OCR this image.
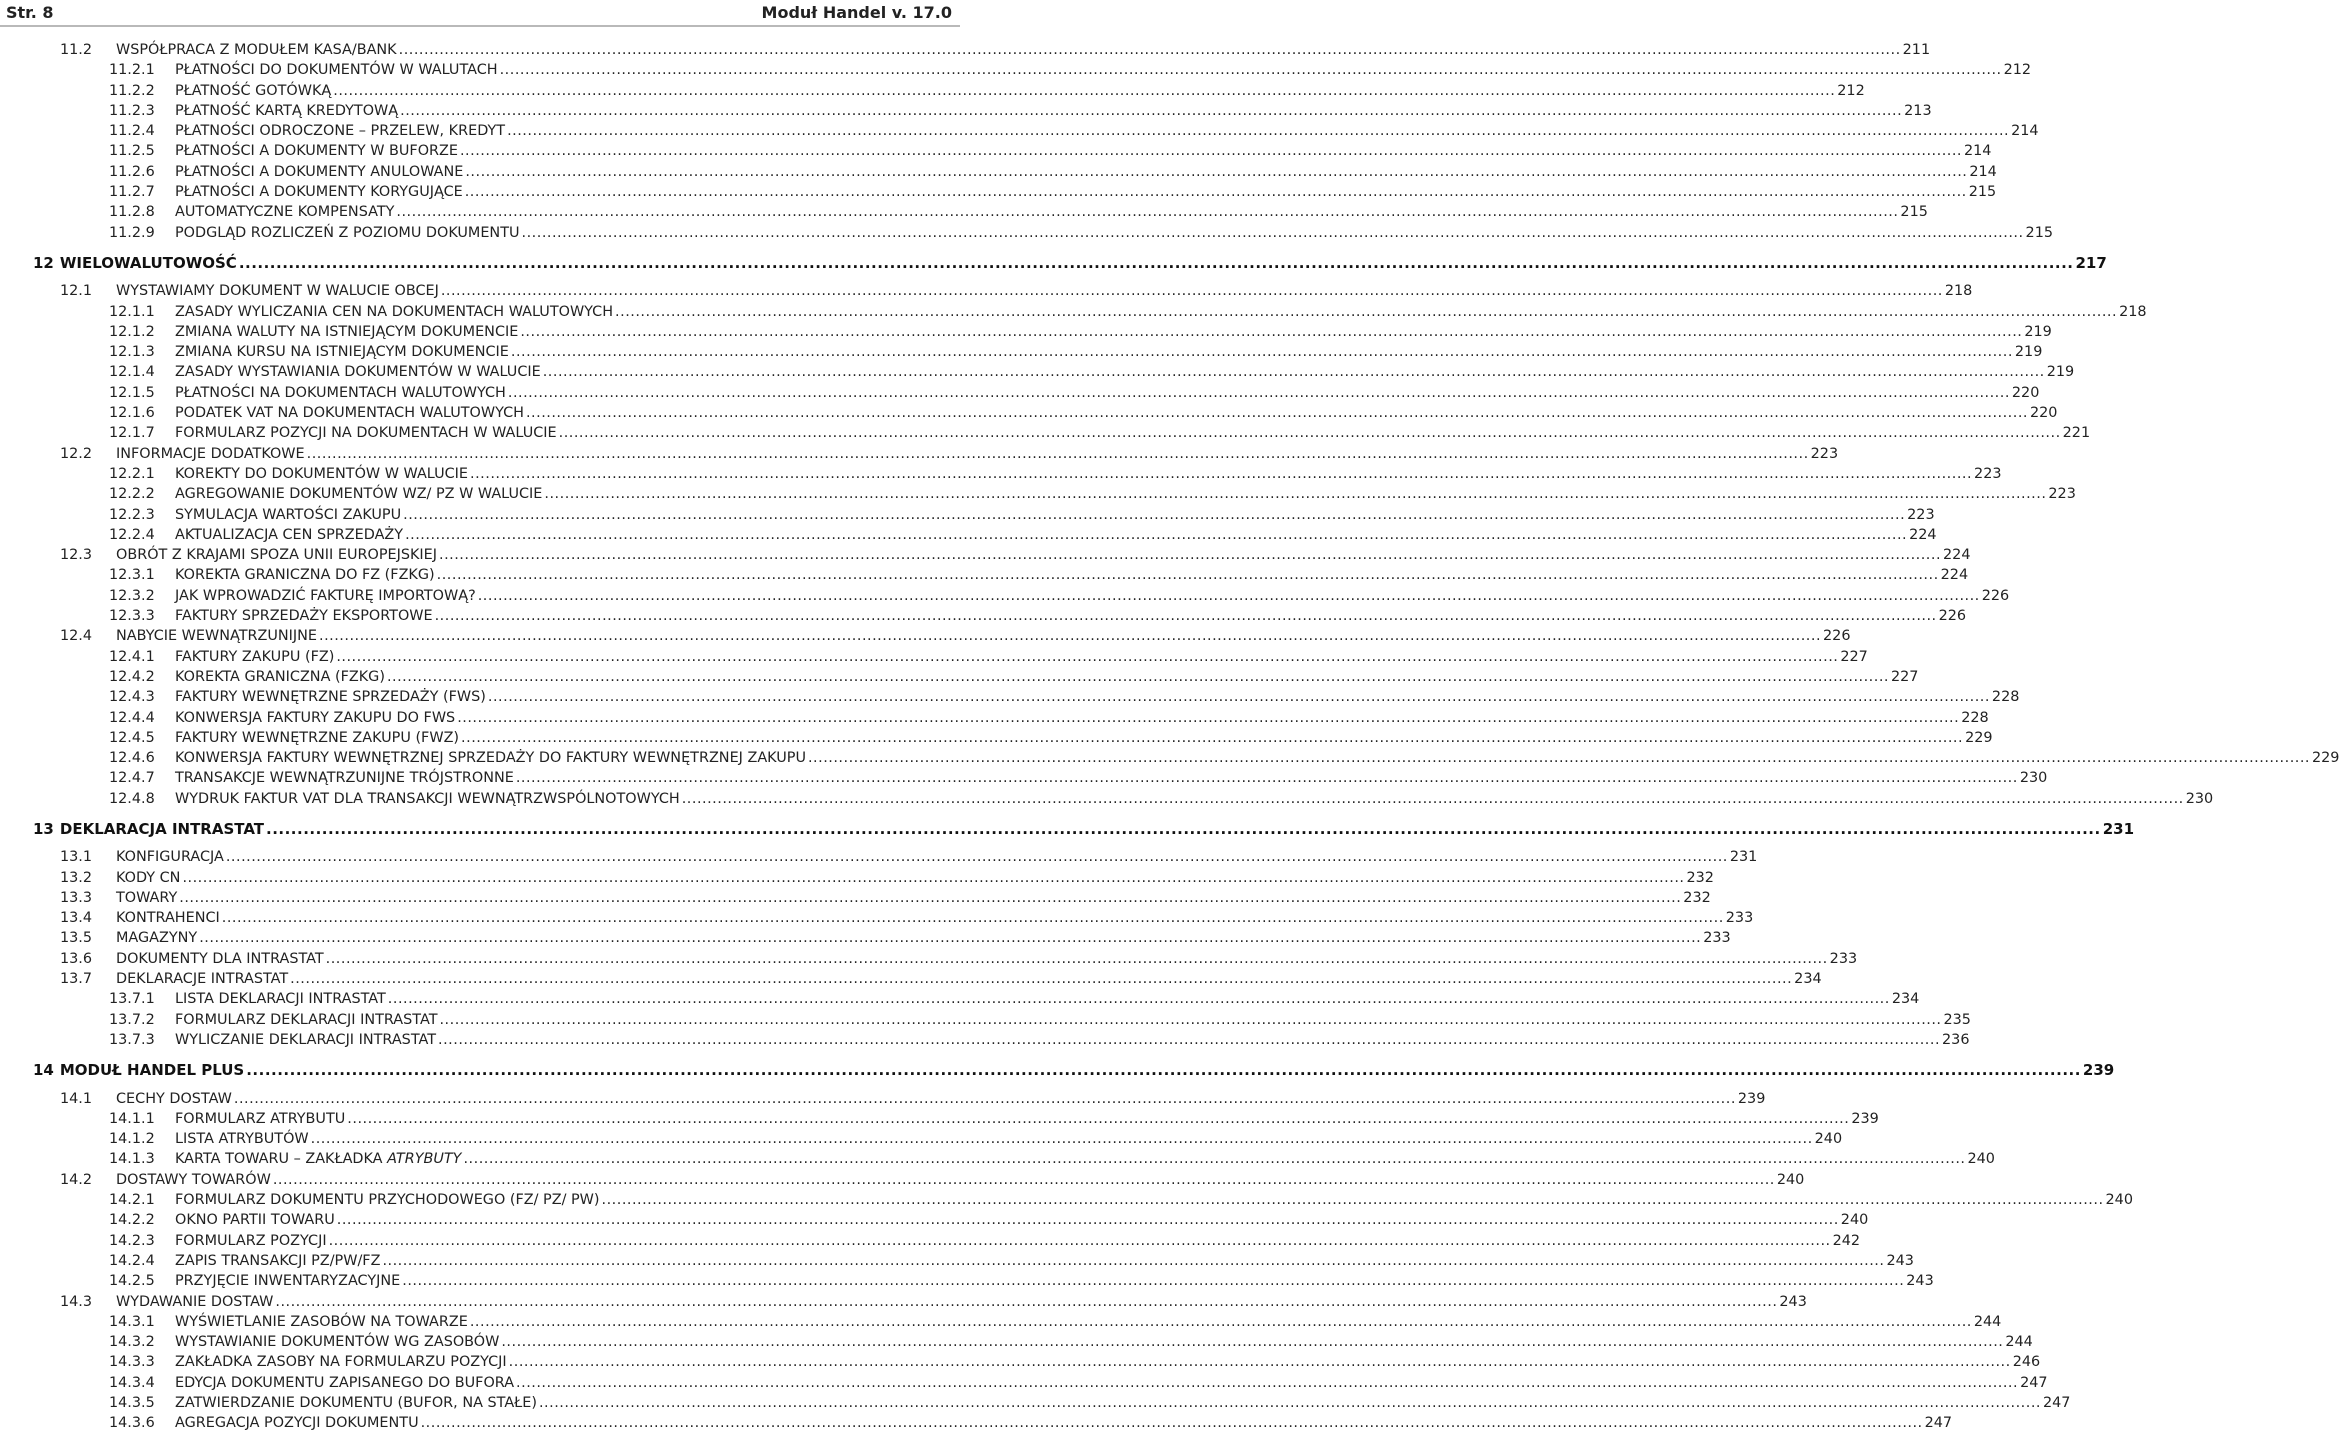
Str. 8	Moduł Handel v. 17.0
11.2	WSPÓŁPRACA Z MODUŁEM KASA/BANK .....	211
11.2.1	PŁATNOŚCI DO DOKUMENTÓW W WALUTACH .....	212
11.2.2	PŁATNOŚĆ GOTÓWKĄ .....	212
11.2.3	PŁATNOŚĆ KARTĄ KREDYTOWĄ .....	213
11.2.4	PŁATNOŚCI ODROCZONE – PRZELEW, KREDYT .....	214
11.2.5	PŁATNOŚCI A DOKUMENTY W BUFORZE .....	214
11.2.6	PŁATNOŚCI A DOKUMENTY ANULOWANE .....	214
11.2.7	PŁATNOŚCI A DOKUMENTY KORYGUJĄCE .....	215
11.2.8	AUTOMATYCZNE KOMPENSATY .....	215
11.2.9	PODGLĄD ROZLICZEŃ Z POZIOMU DOKUMENTU .....	215
12 WIELOWALUTOWOŚĆ .....	217
12.1	WYSTAWIAMY DOKUMENT W WALUCIE OBCEJ .....	218
12.1.1	ZASADY WYLICZANIA CEN NA DOKUMENTACH WALUTOWYCH .....	218
12.1.2	ZMIANA WALUTY NA ISTNIEJĄCYM DOKUMENCIE .....	219
12.1.3	ZMIANA KURSU NA ISTNIEJĄCYM DOKUMENCIE .....	219
12.1.4	ZASADY WYSTAWIANIA DOKUMENTÓW W WALUCIE .....	219
12.1.5	PŁATNOŚCI NA DOKUMENTACH WALUTOWYCH .....	220
12.1.6	PODATEK VAT NA DOKUMENTACH WALUTOWYCH .....	220
12.1.7	FORMULARZ POZYCJI NA DOKUMENTACH W WALUCIE .....	221
12.2	INFORMACJE DODATKOWE .....	223
12.2.1	KOREKTY DO DOKUMENTÓW W WALUCIE .....	223
12.2.2	AGREGOWANIE DOKUMENTÓW WZ/ PZ W WALUCIE .....	223
12.2.3	SYMULACJA WARTOŚCI ZAKUPU .....	223
12.2.4	AKTUALIZACJA CEN SPRZEDAŻY .....	224
12.3	OBRÓT Z KRAJAMI SPOZA UNII EUROPEJSKIEJ .....	224
12.3.1	KOREKTA GRANICZNA DO FZ (FZKG) .....	224
12.3.2	JAK WPROWADZIĆ FAKTURĘ IMPORTOWĄ? .....	226
12.3.3	FAKTURY SPRZEDAŻY EKSPORTOWE .....	226
12.4	NABYCIE WEWNĄTRZUNIJNE .....	226
12.4.1	FAKTURY ZAKUPU (FZ) .....	227
12.4.2	KOREKTA GRANICZNA (FZKG) .....	227
12.4.3	FAKTURY WEWNĘTRZNE SPRZEDAŻY (FWS) .....	228
12.4.4	KONWERSJA FAKTURY ZAKUPU DO FWS .....	228
12.4.5	FAKTURY WEWNĘTRZNE ZAKUPU (FWZ) .....	229
12.4.6	KONWERSJA FAKTURY WEWNĘTRZNEJ SPRZEDAŻY DO FAKTURY WEWNĘTRZNEJ ZAKUPU .....	229
12.4.7	TRANSAKCJE WEWNĄTRZUNIJNE TRÓJSTRONNE .....	230
12.4.8	WYDRUK FAKTUR VAT DLA TRANSAKCJI WEWNĄTRZWSPÓLNOTOWYCH .....	230
13 DEKLARACJA INTRASTAT .....	231
13.1	KONFIGURACJA .....	231
13.2	KODY CN .....	232
13.3	TOWARY .....	232
13.4	KONTRAHENCI .....	233
13.5	MAGAZYNY .....	233
13.6	DOKUMENTY DLA INTRASTAT .....	233
13.7	DEKLARACJE INTRASTAT .....	234
13.7.1	LISTA DEKLARACJI INTRASTAT .....	234
13.7.2	FORMULARZ DEKLARACJI INTRASTAT .....	235
13.7.3	WYLICZANIE DEKLARACJI INTRASTAT .....	236
14 MODUŁ HANDEL PLUS .....	239
14.1	CECHY DOSTAW .....	239
14.1.1	FORMULARZ ATRYBUTU .....	239
14.1.2	LISTA ATRYBUTÓW .....	240
14.1.3	KARTA TOWARU – ZAKŁADKA ATRYBUTY .....	240
14.2	DOSTAWY TOWARÓW .....	240
14.2.1	FORMULARZ DOKUMENTU PRZYCHODOWEGO (FZ/ PZ/ PW) .....	240
14.2.2	OKNO PARTII TOWARU .....	240
14.2.3	FORMULARZ POZYCJI .....	242
14.2.4	ZAPIS TRANSAKCJI PZ/PW/FZ .....	243
14.2.5	PRZYJĘCIE INWENTARYZACYJNE .....	243
14.3	WYDAWANIE DOSTAW .....	243
14.3.1	WYŚWIETLANIE ZASOBÓW NA TOWARZE .....	244
14.3.2	WYSTAWIANIE DOKUMENTÓW WG ZASOBÓW .....	244
14.3.3	ZAKŁADKA ZASOBY NA FORMULARZU POZYCJI .....	246
14.3.4	EDYCJA DOKUMENTU ZAPISANEGO DO BUFORA .....	247
14.3.5	ZATWIERDZANIE DOKUMENTU (BUFOR, NA STAŁE) .....	247
14.3.6	AGREGACJA POZYCJI DOKUMENTU .....	247
